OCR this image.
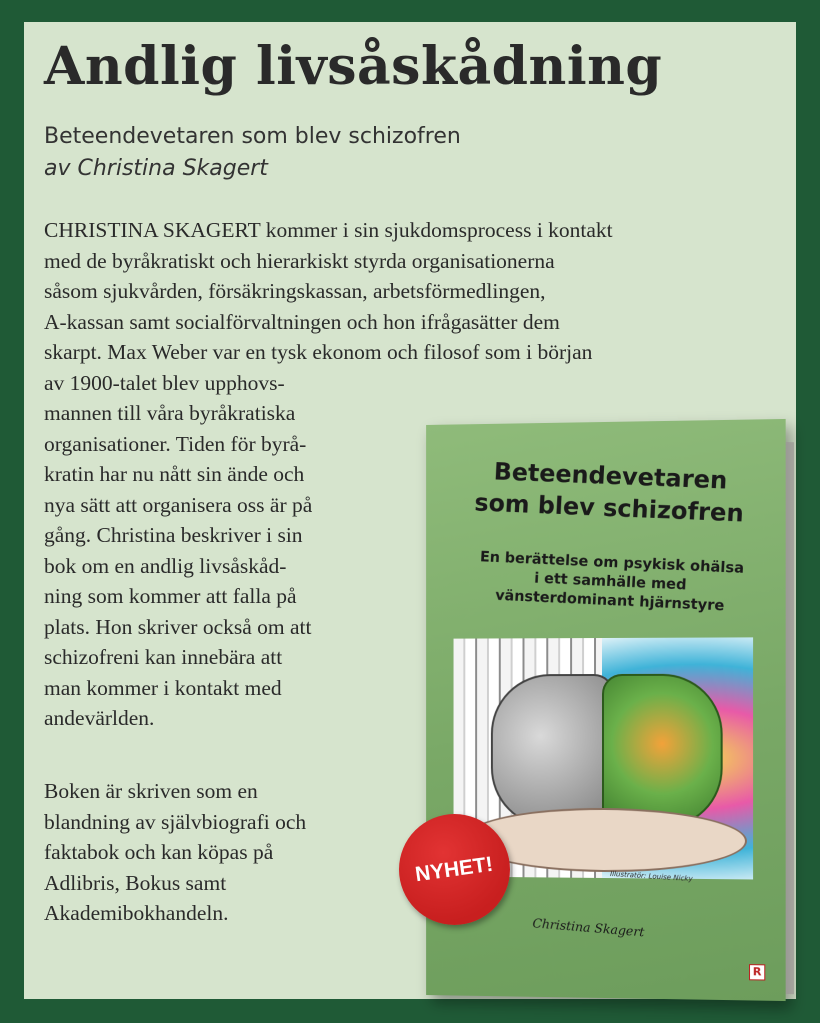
Andlig livsåskådning
Beteendevetaren som blev schizofren
av Christina Skagert
CHRISTINA SKAGERT kommer i sin sjukdomsprocess i kontakt
med de byråkratiskt och hierarkiskt styrda organisationerna
såsom sjukvården, försäkringskassan, arbetsförmedlingen,
A-kassan samt socialförvaltningen och hon ifrågasätter dem
skarpt. Max Weber var en tysk ekonom och filosof som i början
av 1900-talet blev upphovs-
mannen till våra byråkratiska
organisationer. Tiden för byrå-
kratin har nu nått sin ände och
nya sätt att organisera oss är på
gång. Christina beskriver i sin
bok om en andlig livsåskåd-
ning som kommer att falla på
plats. Hon skriver också om att
schizofreni kan innebära att
man kommer i kontakt med
andevärlden.
Boken är skriven som en
blandning av självbiografi och
faktabok och kan köpas på
Adlibris, Bokus samt
Akademibokhandeln.
Beteendevetaren
som blev schizofren
En berättelse om psykisk ohälsa
i ett samhälle med
vänsterdominant hjärnstyre
Illustratör: Louise Nicky
Christina Skagert
R
NYHET!
